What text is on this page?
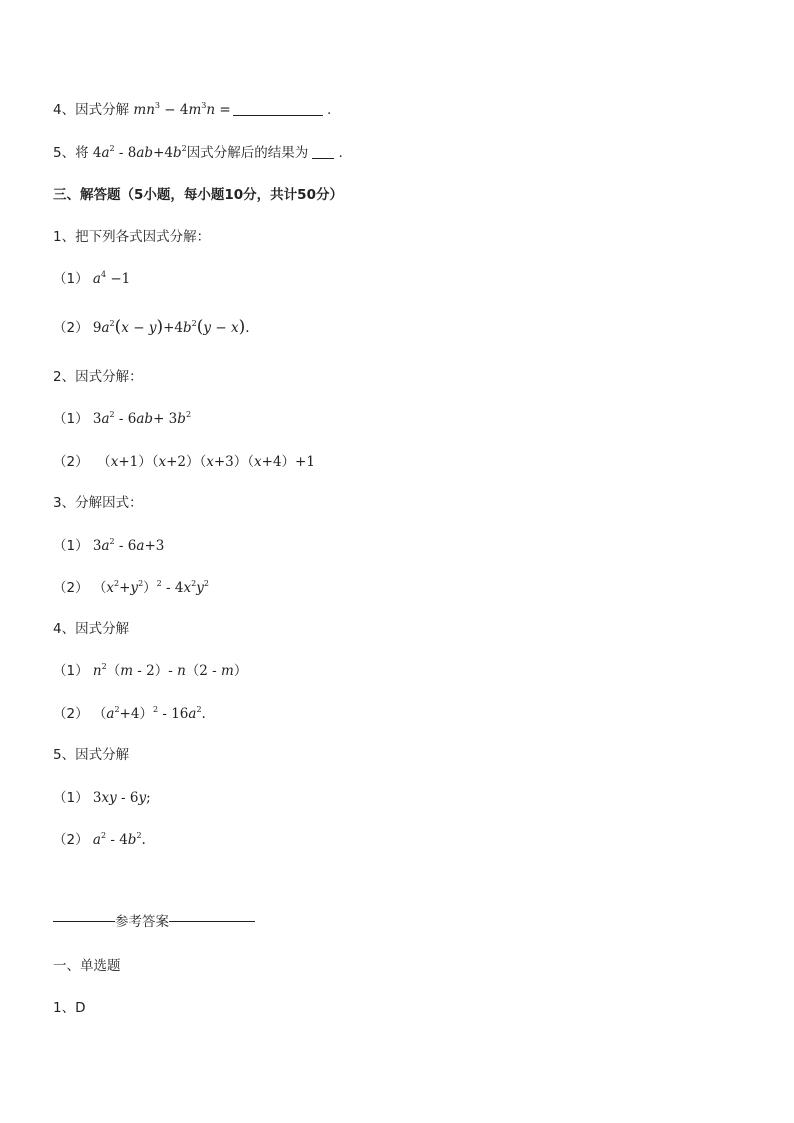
4、因式分解 $mn^3 - 4m^3n$ =	.
5、将 $4a^2 - 8ab+4b^2$因式分解后的结果为 .
三、解答题（5小题，每小题10分，共计50分）
1、把下列各式因式分解：
（1） $a^4 -1$
（2） $9a^2(x - y)+4b^2(y - x)$.
2、因式分解：
（1） $3a^2 - 6ab+ 3b^2$
（2）  （x+1）（x+2）（x+3）（x+4）+1
3、分解因式：
（1） $3a^2 - 6a+3$
（2） $(x^2+y^2)^2 - 4x^2y^2$
4、因式分解
（1） $n^2(m - 2)-$ n（2 - m）
（2） $(a^2+4)^2 - 16a^2$.
5、因式分解
（1） 3xy - 6y;
（2） $a^2 - 4b^2$.
参考答案
一、单选题
1、D
